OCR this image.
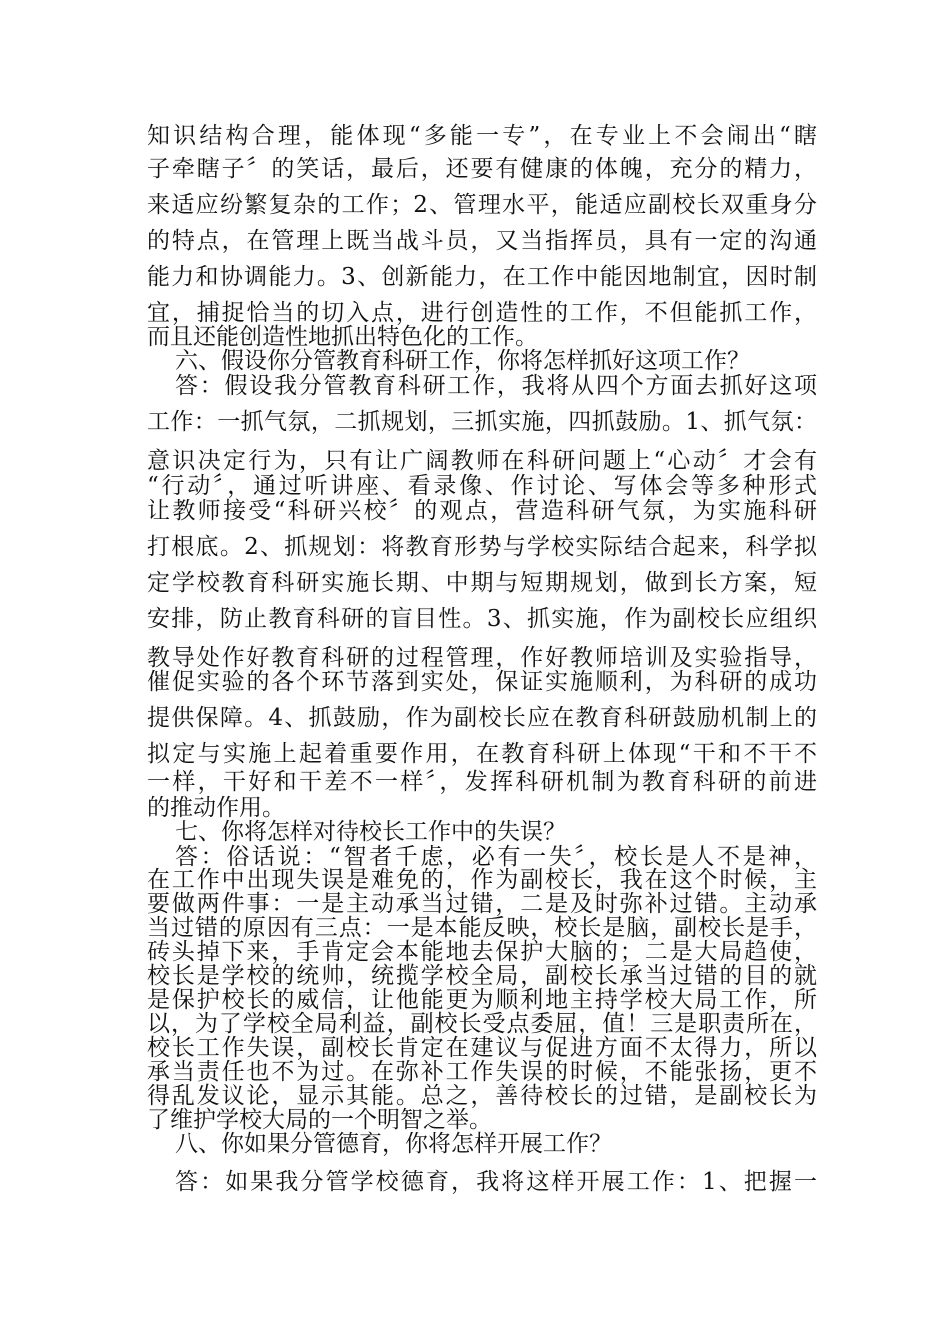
知识结构合理，能体现“多能一专”，在专业上不会闹出“瞎
子牵瞎子〞的笑话，最后，还要有健康的体魄，充分的精力，
来适应纷繁复杂的工作；2、管理水平，能适应副校长双重身分
的特点，在管理上既当战斗员，又当指挥员，具有一定的沟通
能力和协调能力。3、创新能力，在工作中能因地制宜，因时制
宜，捕捉恰当的切入点，进行创造性的工作，不但能抓工作，
而且还能创造性地抓出特色化的工作。
六、假设你分管教育科研工作，你将怎样抓好这项工作？
答：假设我分管教育科研工作，我将从四个方面去抓好这项
工作：一抓气氛，二抓规划，三抓实施，四抓鼓励。1、抓气氛：
意识决定行为，只有让广阔教师在科研问题上“心动〞才会有
“行动〞，通过听讲座、看录像、作讨论、写体会等多种形式
让教师接受“科研兴校〞的观点，营造科研气氛，为实施科研
打根底。2、抓规划：将教育形势与学校实际结合起来，科学拟
定学校教育科研实施长期、中期与短期规划，做到长方案，短
安排，防止教育科研的盲目性。3、抓实施，作为副校长应组织
教导处作好教育科研的过程管理，作好教师培训及实验指导，
催促实验的各个环节落到实处，保证实施顺利，为科研的成功
提供保障。4、抓鼓励，作为副校长应在教育科研鼓励机制上的
拟定与实施上起着重要作用，在教育科研上体现“干和不干不
一样，干好和干差不一样〞，发挥科研机制为教育科研的前进
的推动作用。
七、你将怎样对待校长工作中的失误？
答：俗话说：“智者千虑，必有一失〞，校长是人不是神，
在工作中出现失误是难免的，作为副校长，我在这个时候，主
要做两件事：一是主动承当过错，二是及时弥补过错。主动承
当过错的原因有三点：一是本能反映，校长是脑，副校长是手，
砖头掉下来，手肯定会本能地去保护大脑的；二是大局趋使，
校长是学校的统帅，统揽学校全局，副校长承当过错的目的就
是保护校长的威信，让他能更为顺利地主持学校大局工作，所
以，为了学校全局利益，副校长受点委屈，值！三是职责所在，
校长工作失误，副校长肯定在建议与促进方面不太得力，所以
承当责任也不为过。在弥补工作失误的时候，不能张扬，更不
得乱发议论，显示其能。总之，善待校长的过错，是副校长为
了维护学校大局的一个明智之举。
八、你如果分管德育，你将怎样开展工作？
答：如果我分管学校德育，我将这样开展工作：1、把握一
